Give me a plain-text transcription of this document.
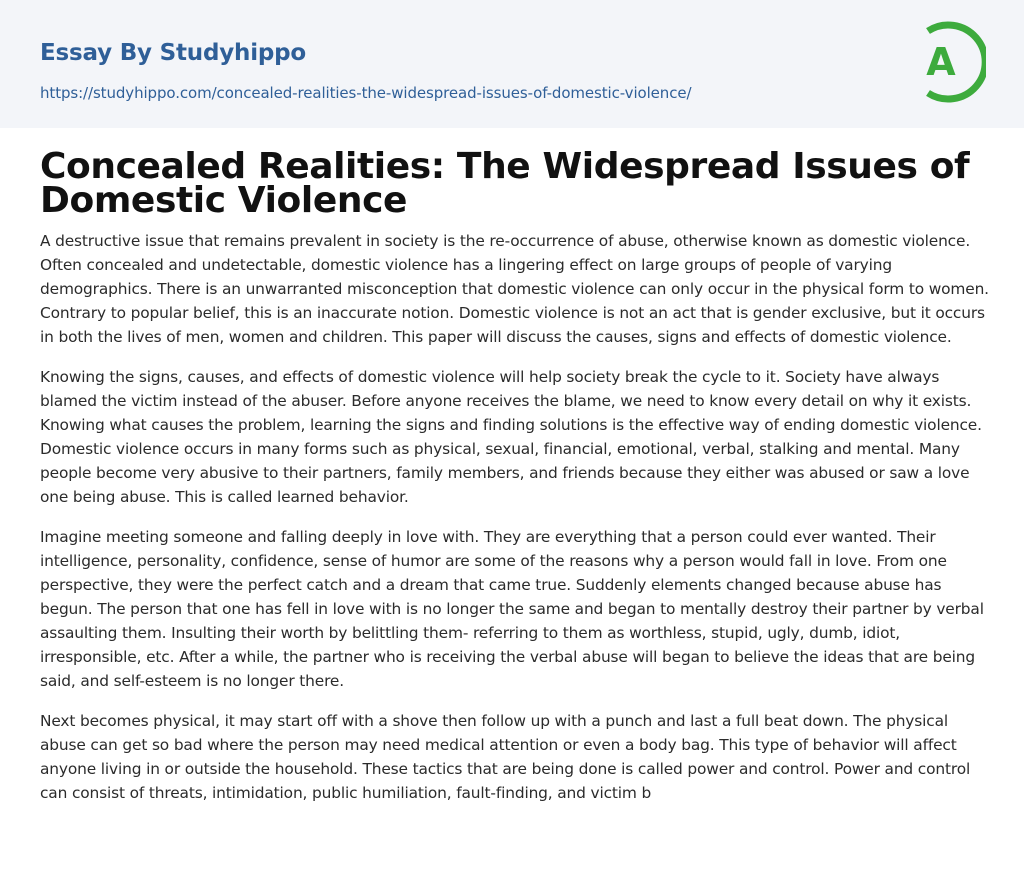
Essay By Studyhippo
https://studyhippo.com/concealed-realities-the-widespread-issues-of-domestic-violence/
A
Concealed Realities: The Widespread Issues of
Domestic Violence

A destructive issue that remains prevalent in society is the re-occurrence of abuse, otherwise known as domestic violence. Often concealed and undetectable, domestic violence has a lingering effect on large groups of people of varying demographics. There is an unwarranted misconception that domestic violence can only occur in the physical form to women. Contrary to popular belief, this is an inaccurate notion. Domestic violence is not an act that is gender exclusive, but it occurs in both the lives of men, women and children. This paper will discuss the causes, signs and effects of domestic violence.

Knowing the signs, causes, and effects of domestic violence will help society break the cycle to it. Society have always blamed the victim instead of the abuser. Before anyone receives the blame, we need to know every detail on why it exists. Knowing what causes the problem, learning the signs and finding solutions is the effective way of ending domestic violence. Domestic violence occurs in many forms such as physical, sexual, financial, emotional, verbal, stalking and mental. Many people become very abusive to their partners, family members, and friends because they either was abused or saw a love one being abuse. This is called learned behavior.

Imagine meeting someone and falling deeply in love with. They are everything that a person could ever wanted. Their intelligence, personality, confidence, sense of humor are some of the reasons why a person would fall in love. From one perspective, they were the perfect catch and a dream that came true. Suddenly elements changed because abuse has begun. The person that one has fell in love with is no longer the same and began to mentally destroy their partner by verbal assaulting them. Insulting their worth by belittling them- referring to them as worthless, stupid, ugly, dumb, idiot, irresponsible, etc. After a while, the partner who is receiving the verbal abuse will began to believe the ideas that are being said, and self-esteem is no longer there.

Next becomes physical, it may start off with a shove then follow up with a punch and last a full beat down. The physical abuse can get so bad where the person may need medical attention or even a body bag. This type of behavior will affect anyone living in or outside the household. These tactics that are being done is called power and control. Power and control can consist of threats, intimidation, public humiliation, fault-finding, and victim b
